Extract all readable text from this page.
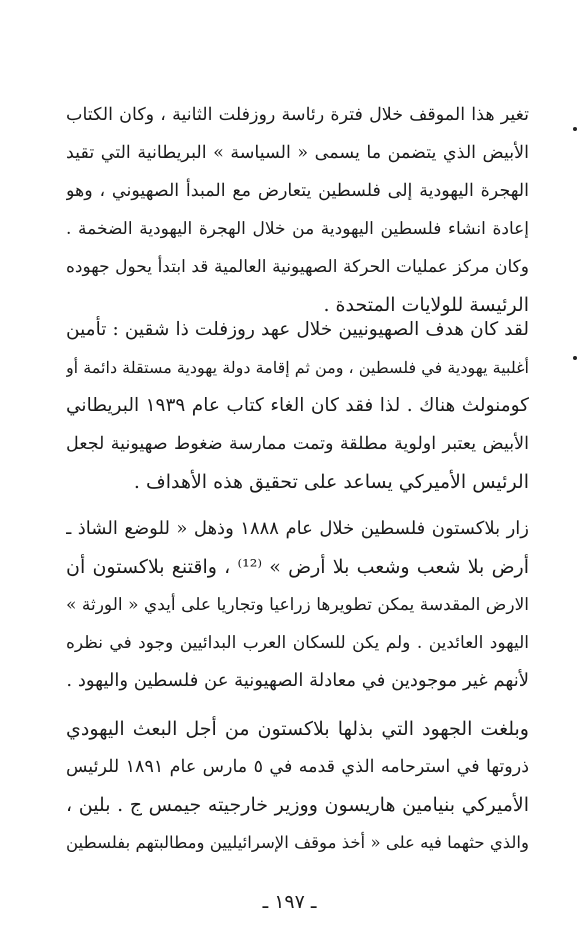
تغير هذا الموقف خلال فترة رئاسة روزفلت الثانية ، وكان الكتاب
الأبيض الذي يتضمن ما يسمى « السياسة » البريطانية التي تقيد
الهجرة اليهودية إلى فلسطين يتعارض مع المبدأ الصهيوني ، وهو
إعادة انشاء فلسطين اليهودية من خلال الهجرة اليهودية الضخمة .
وكان مركز عمليات الحركة الصهيونية العالمية قد ابتدأ يحول جهوده
الرئيسة للولايات المتحدة .
لقد كان هدف الصهيونيين خلال عهد روزفلت ذا شقين : تأمين
أغلبية يهودية في فلسطين ، ومن ثم إقامة دولة يهودية مستقلة دائمة أو
كومنولث هناك . لذا فقد كان الغاء كتاب عام ١٩٣٩ البريطاني
الأبيض يعتبر اولوية مطلقة وتمت ممارسة ضغوط صهيونية لجعل
الرئيس الأميركي يساعد على تحقيق هذه الأهداف .
زار بلاكستون فلسطين خلال عام ١٨٨٨ وذهل « للوضع الشاذ ـ
أرض بلا شعب وشعب بلا أرض » ⁽¹²⁾ ، واقتنع بلاكستون أن
الارض المقدسة يمكن تطويرها زراعيا وتجاريا على أيدي « الورثة »
اليهود العائدين . ولم يكن للسكان العرب البدائيين وجود في نظره
لأنهم غير موجودين في معادلة الصهيونية عن فلسطين واليهود .
وبلغت الجهود التي بذلها بلاكستون من أجل البعث اليهودي
ذروتها في استرحامه الذي قدمه في ٥ مارس عام ١٨٩١ للرئيس
الأميركي بنيامين هاريسون ووزير خارجيته جيمس ج . بلين ،
والذي حثهما فيه على « أخذ موقف الإسرائيليين ومطالبتهم بفلسطين
ـ ١٩٧ ـ
